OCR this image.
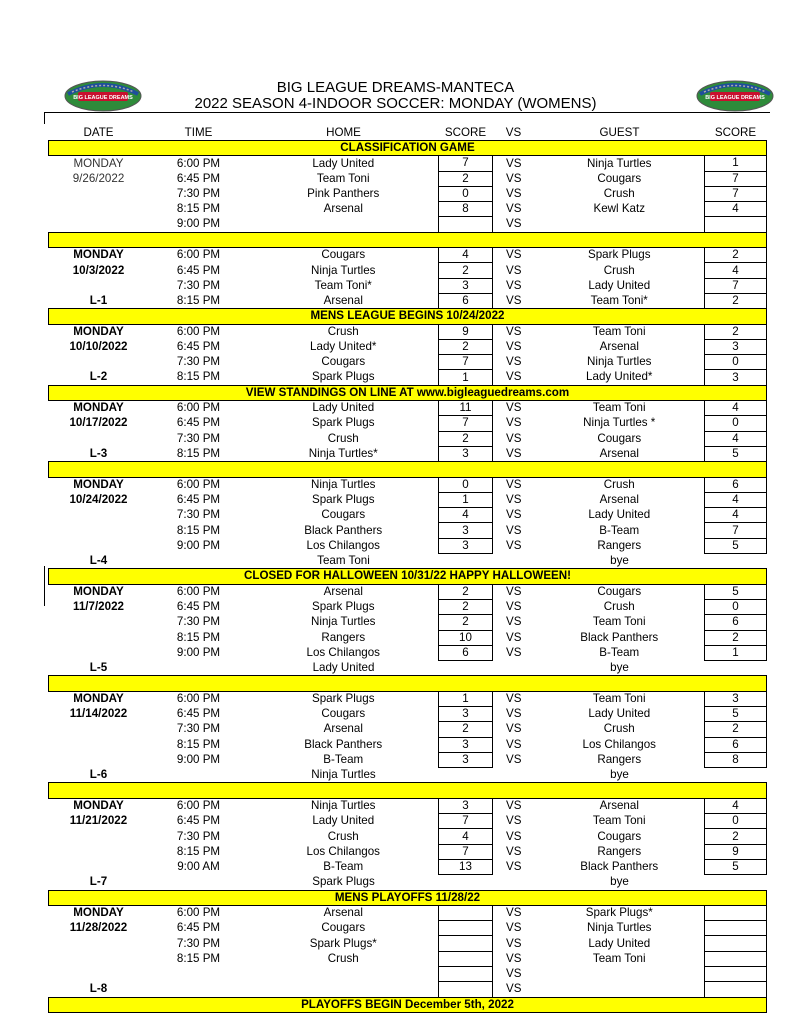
BIG LEAGUE DREAMS	BIG LEAGUE DREAMS
BIG LEAGUE DREAMS-MANTECA
2022 SEASON 4-INDOOR SOCCER: MONDAY (WOMENS)
DATE	TIME	HOME	SCORE	VS	GUEST	SCORE
CLASSIFICATION GAME						
MONDAY	6:00 PM	Lady United	7	VS	Ninja Turtles	1
9/26/2022	6:45 PM	Team Toni	2	VS	Cougars	7
	7:30 PM	Pink Panthers	0	VS	Crush	7
	8:15 PM	Arsenal	8	VS	Kewl Katz	4
	9:00 PM			VS		

MONDAY	6:00 PM	Cougars	4	VS	Spark Plugs	2
10/3/2022	6:45 PM	Ninja Turtles	2	VS	Crush	4
	7:30 PM	Team Toni*	3	VS	Lady United	7
L-1	8:15 PM	Arsenal	6	VS	Team Toni*	2
MENS LEAGUE BEGINS 10/24/2022						
MONDAY	6:00 PM	Crush	9	VS	Team Toni	2
10/10/2022	6:45 PM	Lady United*	2	VS	Arsenal	3
	7:30 PM	Cougars	7	VS	Ninja Turtles	0
L-2	8:15 PM	Spark Plugs	1	VS	Lady United*	3
VIEW STANDINGS ON LINE AT www.bigleaguedreams.com						
MONDAY	6:00 PM	Lady United	11	VS	Team Toni	4
10/17/2022	6:45 PM	Spark Plugs	7	VS	Ninja Turtles *	0
	7:30 PM	Crush	2	VS	Cougars	4
L-3	8:15 PM	Ninja Turtles*	3	VS	Arsenal	5

MONDAY	6:00 PM	Ninja Turtles	0	VS	Crush	6
10/24/2022	6:45 PM	Spark Plugs	1	VS	Arsenal	4
	7:30 PM	Cougars	4	VS	Lady United	4
	8:15 PM	Black Panthers	3	VS	B-Team	7
	9:00 PM	Los Chilangos	3	VS	Rangers	5
L-4		Team Toni			bye	
CLOSED FOR HALLOWEEN 10/31/22 HAPPY HALLOWEEN!						
MONDAY	6:00 PM	Arsenal	2	VS	Cougars	5
11/7/2022	6:45 PM	Spark Plugs	2	VS	Crush	0
	7:30 PM	Ninja Turtles	2	VS	Team Toni	6
	8:15 PM	Rangers	10	VS	Black Panthers	2
	9:00 PM	Los Chilangos	6	VS	B-Team	1
L-5		Lady United			bye	

MONDAY	6:00 PM	Spark Plugs	1	VS	Team Toni	3
11/14/2022	6:45 PM	Cougars	3	VS	Lady United	5
	7:30 PM	Arsenal	2	VS	Crush	2
	8:15 PM	Black Panthers	3	VS	Los Chilangos	6
	9:00 PM	B-Team	3	VS	Rangers	8
L-6		Ninja Turtles			bye	

MONDAY	6:00 PM	Ninja Turtles	3	VS	Arsenal	4
11/21/2022	6:45 PM	Lady United	7	VS	Team Toni	0
	7:30 PM	Crush	4	VS	Cougars	2
	8:15 PM	Los Chilangos	7	VS	Rangers	9
	9:00 AM	B-Team	13	VS	Black Panthers	5
L-7		Spark Plugs			bye	
MENS PLAYOFFS 11/28/22						
MONDAY	6:00 PM	Arsenal		VS	Spark Plugs*	
11/28/2022	6:45 PM	Cougars		VS	Ninja Turtles	
	7:30 PM	Spark Plugs*		VS	Lady United	
	8:15 PM	Crush		VS	Team Toni	
				VS		
L-8				VS		
PLAYOFFS BEGIN December 5th, 2022						
